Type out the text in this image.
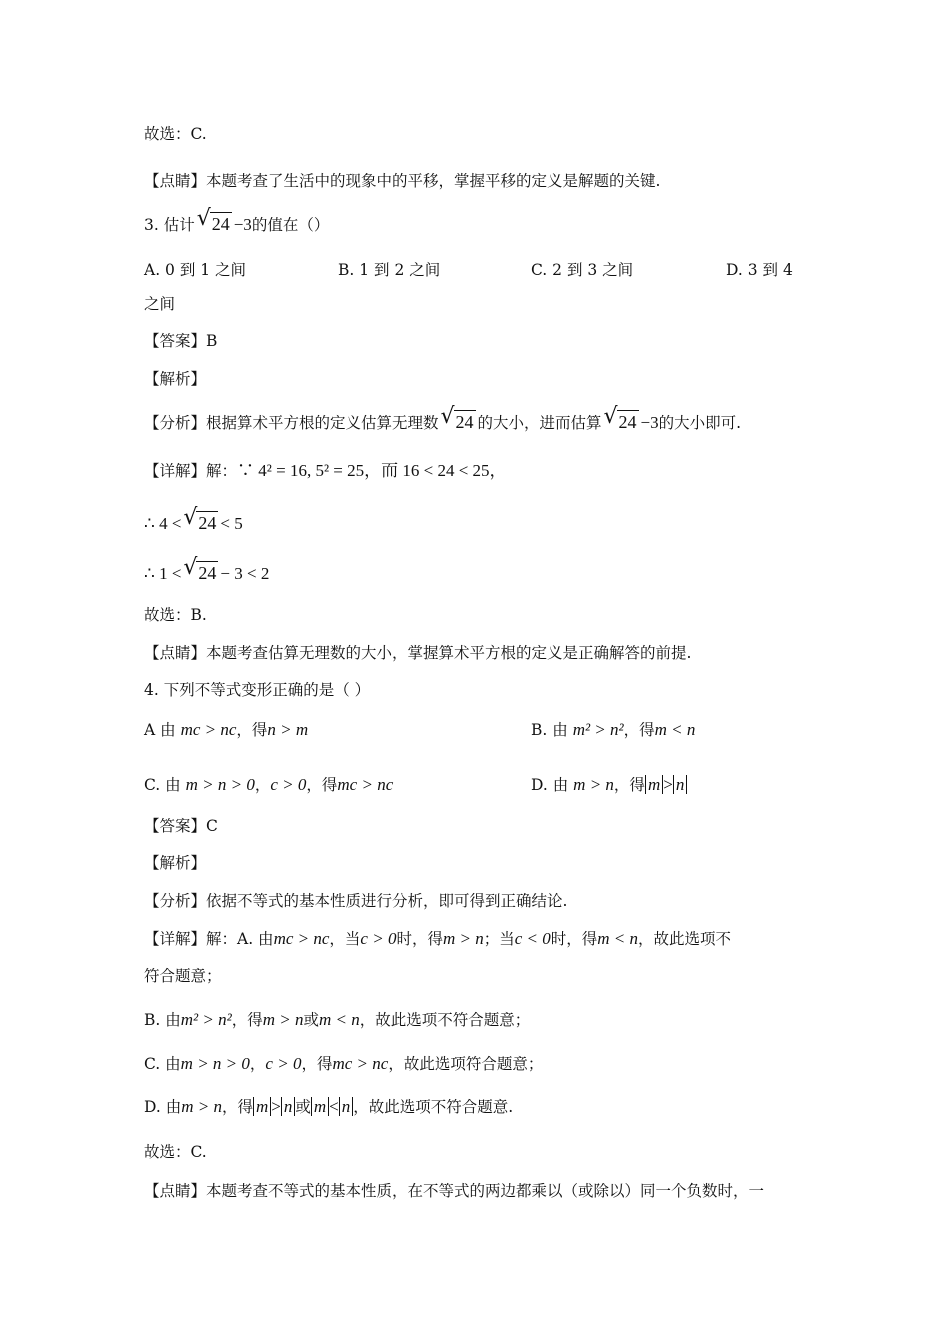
故选：C.
【点睛】本题考查了生活中的现象中的平移，掌握平移的定义是解题的关键.
3. 估计 √ 24 −3的值在（）
A. 0 到 1 之间	B. 1 到 2 之间	C. 2 到 3 之间	D. 3 到 4
之间
【答案】B
【解析】
【分析】根据算术平方根的定义估算无理数 √ 24 的大小，进而估算 √ 24 −3的大小即可.
【详解】解：∵ 4² = 16, 5² = 25，而 16 < 24 < 25，
∴ 4 < √ 24 < 5
∴ 1 < √ 24 − 3 < 2
故选：B.
【点睛】本题考查估算无理数的大小，掌握算术平方根的定义是正确解答的前提.
4. 下列不等式变形正确的是（ ）
A 由 mc > nc，得n > m	B. 由 m² > n²，得m < n
C. 由 m > n > 0，c > 0，得mc > nc	D. 由 m > n，得 m > n
【答案】C
【解析】
【分析】依据不等式的基本性质进行分析，即可得到正确结论.
【详解】解：A. 由mc > nc，当c > 0时，得m > n；当c < 0时，得m < n，故此选项不
符合题意；
B. 由m² > n²，得m > n或m < n，故此选项不符合题意；
C. 由m > n > 0，c > 0，得mc > nc，故此选项符合题意；
D. 由m > n，得 m > n 或 m < n ，故此选项不符合题意.
故选：C.
【点睛】本题考查不等式的基本性质，在不等式的两边都乘以（或除以）同一个负数时，一
